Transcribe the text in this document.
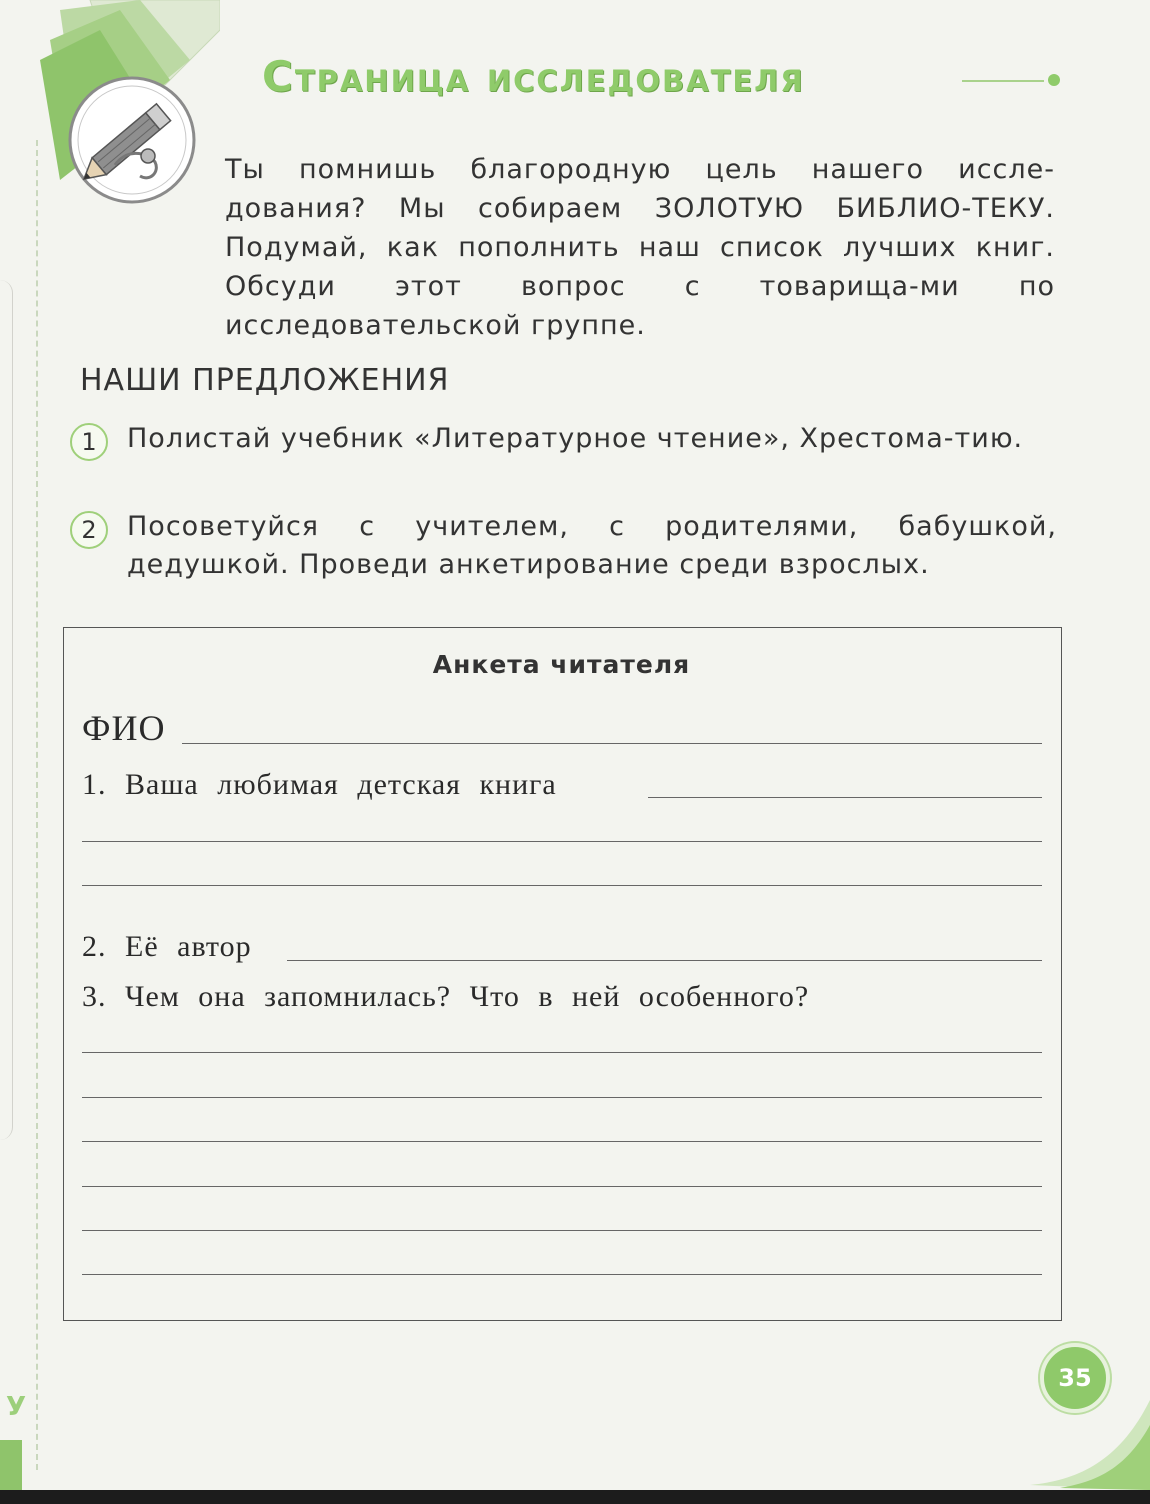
Страница исследователя
Ты помнишь благородную цель нашего иссле-дования? Мы собираем ЗОЛОТУЮ БИБЛИО-ТЕКУ. Подумай, как пополнить наш список лучших книг. Обсуди этот вопрос с товарища-ми по исследовательской группе.
НАШИ ПРЕДЛОЖЕНИЯ
1	Полистай учебник «Литературное чтение», Хрестома-тию.
2	Посоветуйся с учителем, с родителями, бабушкой, дедушкой. Проведи анкетирование среди взрослых.
Анкета читателя
ФИО
1. Ваша любимая детская книга
2. Её автор
3. Чем она запомнилась? Что в ней особенного?
35
У
